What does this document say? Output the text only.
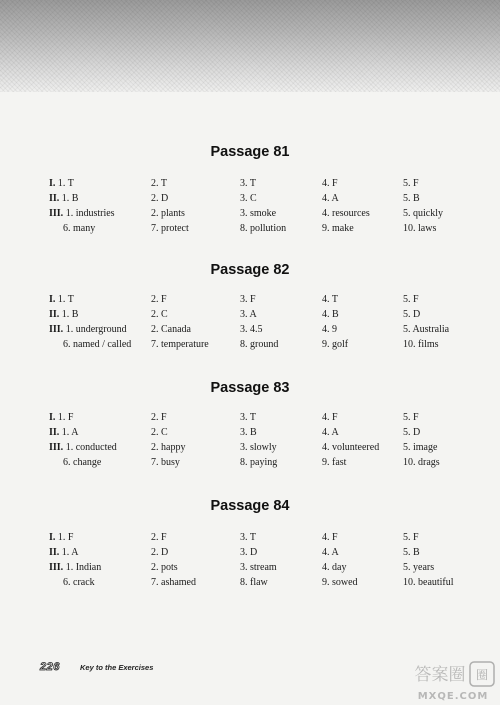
Passage 81
I. 1. T	2. T	3. T	4. F	5. F
II. 1. B	2. D	3. C	4. A	5. B
III. 1. industries	2. plants	3. smoke	4. resources	5. quickly
6. many	7. protect	8. pollution	9. make	10. laws
Passage 82
I. 1. T	2. F	3. F	4. T	5. F
II. 1. B	2. C	3. A	4. B	5. D
III. 1. underground 2. Canada	3. 4.5	4. 9	5. Australia
6. named / called 7. temperature	8. ground	9. golf	10. films
Passage 83
I. 1. F	2. F	3. T	4. F	5. F
II. 1. A	2. C	3. B	4. A	5. D
III. 1. conducted	2. happy	3. slowly	4. volunteered 5. image
6. change	7. busy	8. paying	9. fast	10. drags
Passage 84
I. 1. F	2. F	3. T	4. F	5. F
II. 1. A	2. D	3. D	4. A	5. B
III. 1. Indian	2. pots	3. stream	4. day	5. years
6. crack	7. ashamed	8. flaw	9. sowed	10. beautiful
226	Key to the Exercises
圈
答案圈
MXQE.COM
